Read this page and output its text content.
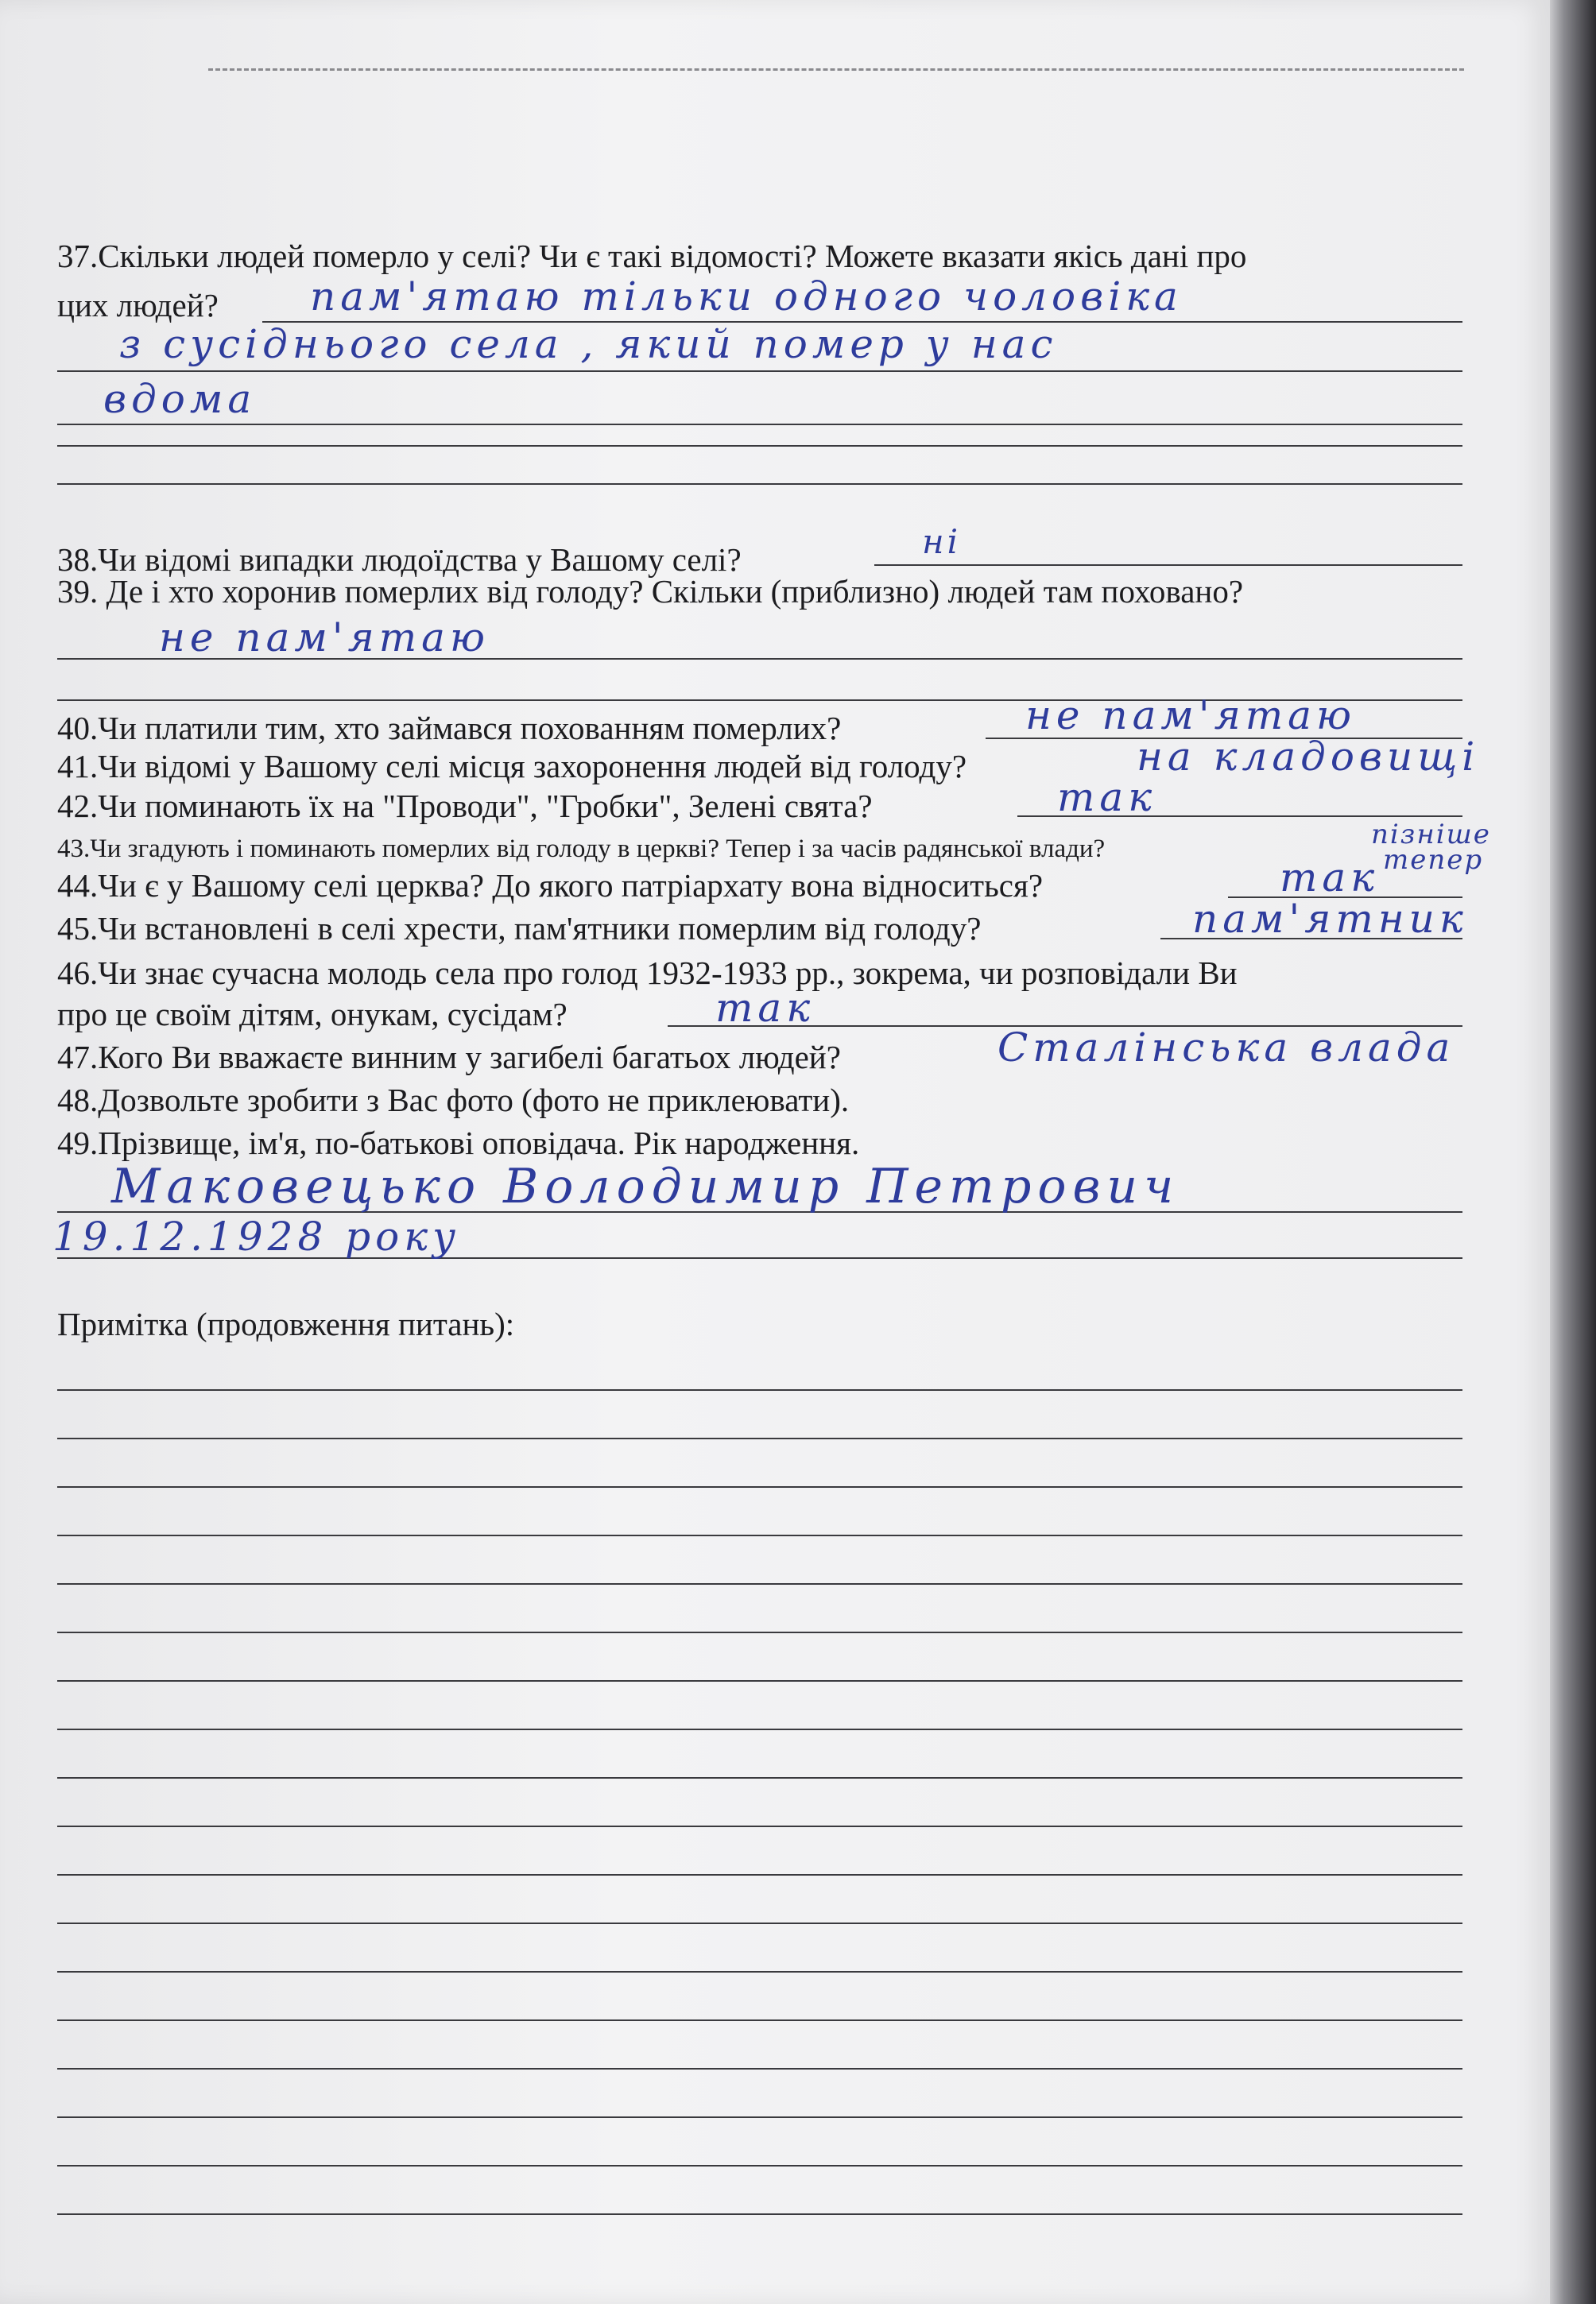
37.Скільки людей померло у селі? Чи є такі відомості? Можете вказати якісь дані про
цих людей?	пам'ятаю тільки одного чоловіка
з сусіднього села , який помер у нас
вдома
38.Чи відомі випадки людоїдства у Вашому селі?	ні
39. Де і хто хоронив померлих від голоду? Скільки (приблизно) людей там поховано?
не пам'ятаю
40.Чи платили тим, хто займався похованням померлих?	не пам'ятаю
41.Чи відомі у Вашому селі місця захоронення людей від голоду?	на кладовищі
42.Чи поминають їх на "Проводи", "Гробки", Зелені свята?	так
43.Чи згадують і поминають померлих від голоду в церкві? Тепер і за часів радянської влади?	пізніше
тепер
44.Чи є у Вашому селі церква? До якого патріархату вона відноситься?	так
45.Чи встановлені в селі хрести, пам'ятники померлим від голоду?	пам'ятник
46.Чи знає сучасна молодь села про голод 1932-1933 рр., зокрема, чи розповідали Ви
про це своїм дітям, онукам, сусідам?	так
47.Кого Ви вважаєте винним у загибелі багатьох людей?	Сталінська влада
48.Дозвольте зробити з Вас фото (фото не приклеювати).
49.Прізвище, ім'я, по-батькові оповідача. Рік народження.
Маковецько Володимир Петрович
19.12.1928 року
Примітка (продовження питань):
